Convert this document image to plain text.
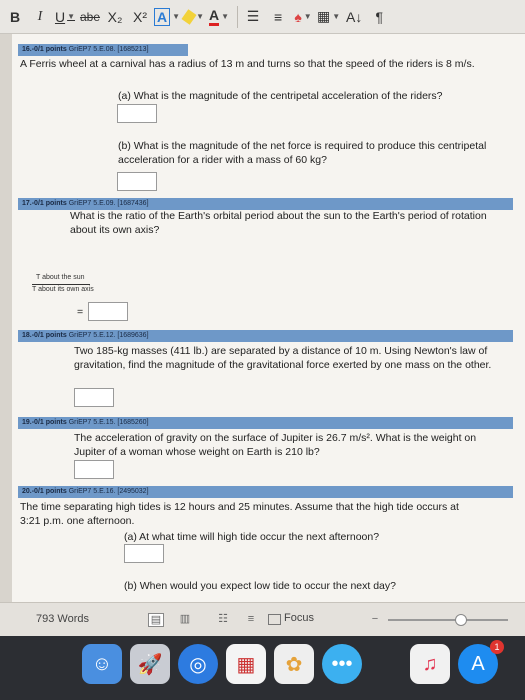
B	I U ▼ abe X₂ X² A ▼ ▼ A ▼ ☰ ≡ ♠ ▼ ▦ ▼ A↓ ¶
16.-0/1 points GriEP7 5.E.08. [1685213]
A Ferris wheel at a carnival has a radius of 13 m and turns so that the speed of the riders is 8 m/s.
(a) What is the magnitude of the centripetal acceleration of the riders?
(b) What is the magnitude of the net force is required to produce this centripetal acceleration for a rider with a mass of 60 kg?
17.-0/1 points GriEP7 5.E.09. [1687436]
What is the ratio of the Earth's orbital period about the sun to the Earth's period of rotation about its own axis?
T about the sun
T about its own axis
=
18.-0/1 points GriEP7 5.E.12. [1689636]
Two 185-kg masses (411 lb.) are separated by a distance of 10 m. Using Newton's law of gravitation, find the magnitude of the gravitational force exerted by one mass on the other.
19.-0/1 points GriEP7 5.E.15. [1685260]
The acceleration of gravity on the surface of Jupiter is 26.7 m/s². What is the weight on Jupiter of a woman whose weight on Earth is 210 lb?
20.-0/1 points GriEP7 5.E.16. [2495032]
The time separating high tides is 12 hours and 25 minutes. Assume that the high tide occurs at 3:21 p.m. one afternoon.
(a) At what time will high tide occur the next afternoon?
(b) When would you expect low tide to occur the next day?
793 Words	▤ ▥	☷	≡	Focus	−
☺	🚀	◎	▦	✿	•••	♫	A
1
